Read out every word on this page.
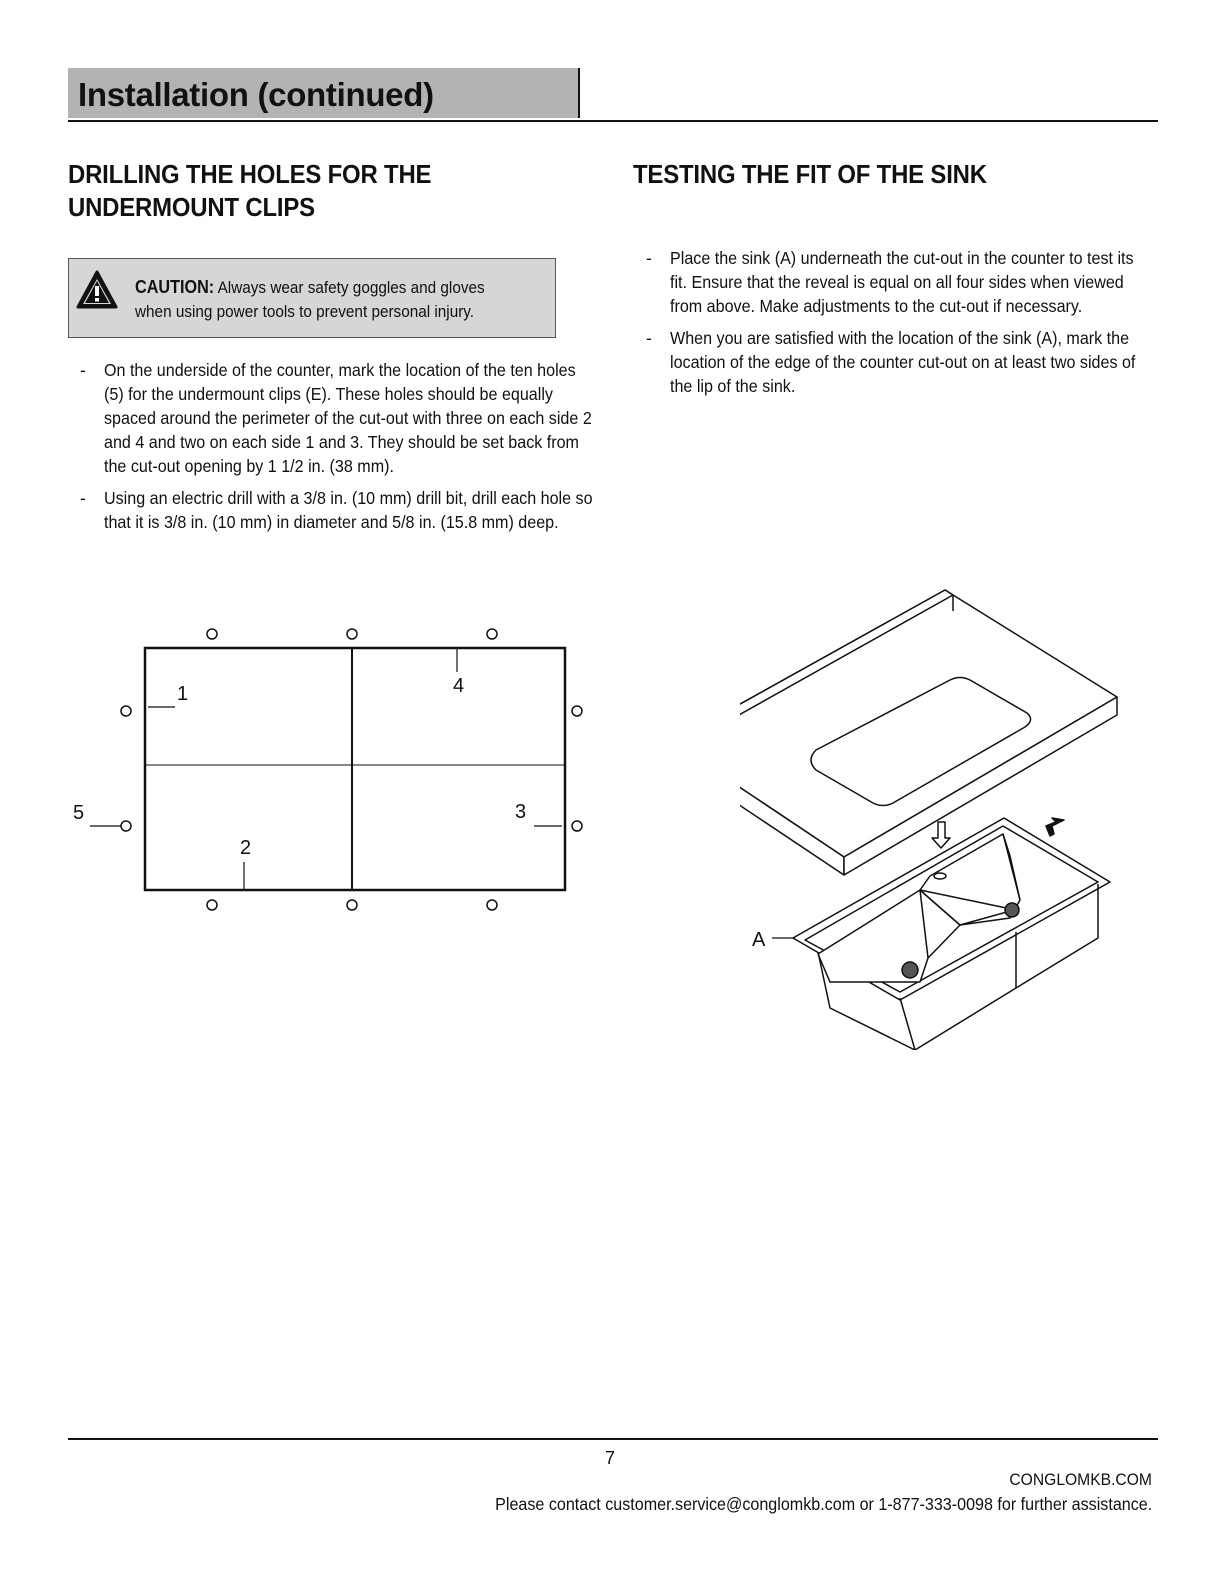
Installation (continued)
DRILLING THE HOLES FOR THE
UNDERMOUNT CLIPS
TESTING THE FIT OF THE SINK
CAUTION: Always wear safety goggles and gloves when using power tools to prevent personal injury.
- On the underside of the counter, mark the location of the ten holes (5) for the undermount clips (E). These holes should be equally spaced around the perimeter of the cut-out with three on each side 2 and 4 and two on each side 1 and 3. They should be set back from the cut-out opening by 1 1/2 in. (38 mm).
- Using an electric drill with a 3/8 in. (10 mm) drill bit, drill each hole so that it is 3/8 in. (10 mm) in diameter and 5/8 in. (15.8 mm) deep.
- Place the sink (A) underneath the cut-out in the counter to test its fit. Ensure that the reveal is equal on all four sides when viewed from above. Make adjustments to the cut-out if necessary.
- When you are satisfied with the location of the sink (A), mark the location of the edge of the counter cut-out on at least two sides of the lip of the sink.
1	4
2
3
5
A
7
CONGLOMKB.COM
Please contact customer.service@conglomkb.com or 1-877-333-0098 for further assistance.
